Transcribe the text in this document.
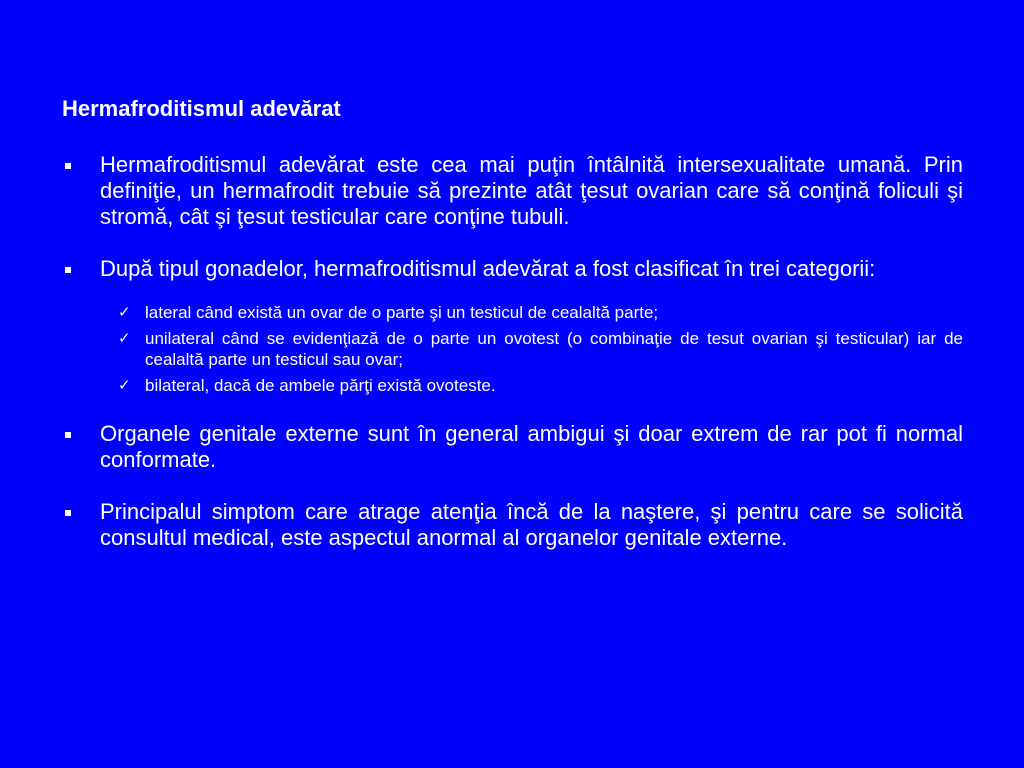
Hermafroditismul adevărat
Hermafroditismul adevărat este cea mai puţin întâlnită intersexualitate umană. Prin definiţie, un hermafrodit trebuie să prezinte atât ţesut ovarian care să conţină foliculi şi stromă, cât şi ţesut testicular care conţine tubuli.
După tipul gonadelor, hermafroditismul adevărat a fost clasificat în trei categorii:
✓ lateral când există un ovar de o parte şi un testicul de cealaltă parte;
✓ unilateral când se evidenţiază de o parte un ovotest (o combinaţie de tesut ovarian şi testicular) iar de cealaltă parte un testicul sau ovar;
✓ bilateral, dacă de ambele părţi există ovoteste.
Organele genitale externe sunt în general ambigui şi doar extrem de rar pot fi normal conformate.
Principalul simptom care atrage atenţia încă de la naştere, şi pentru care se solicită consultul medical, este aspectul anormal al organelor genitale externe.
